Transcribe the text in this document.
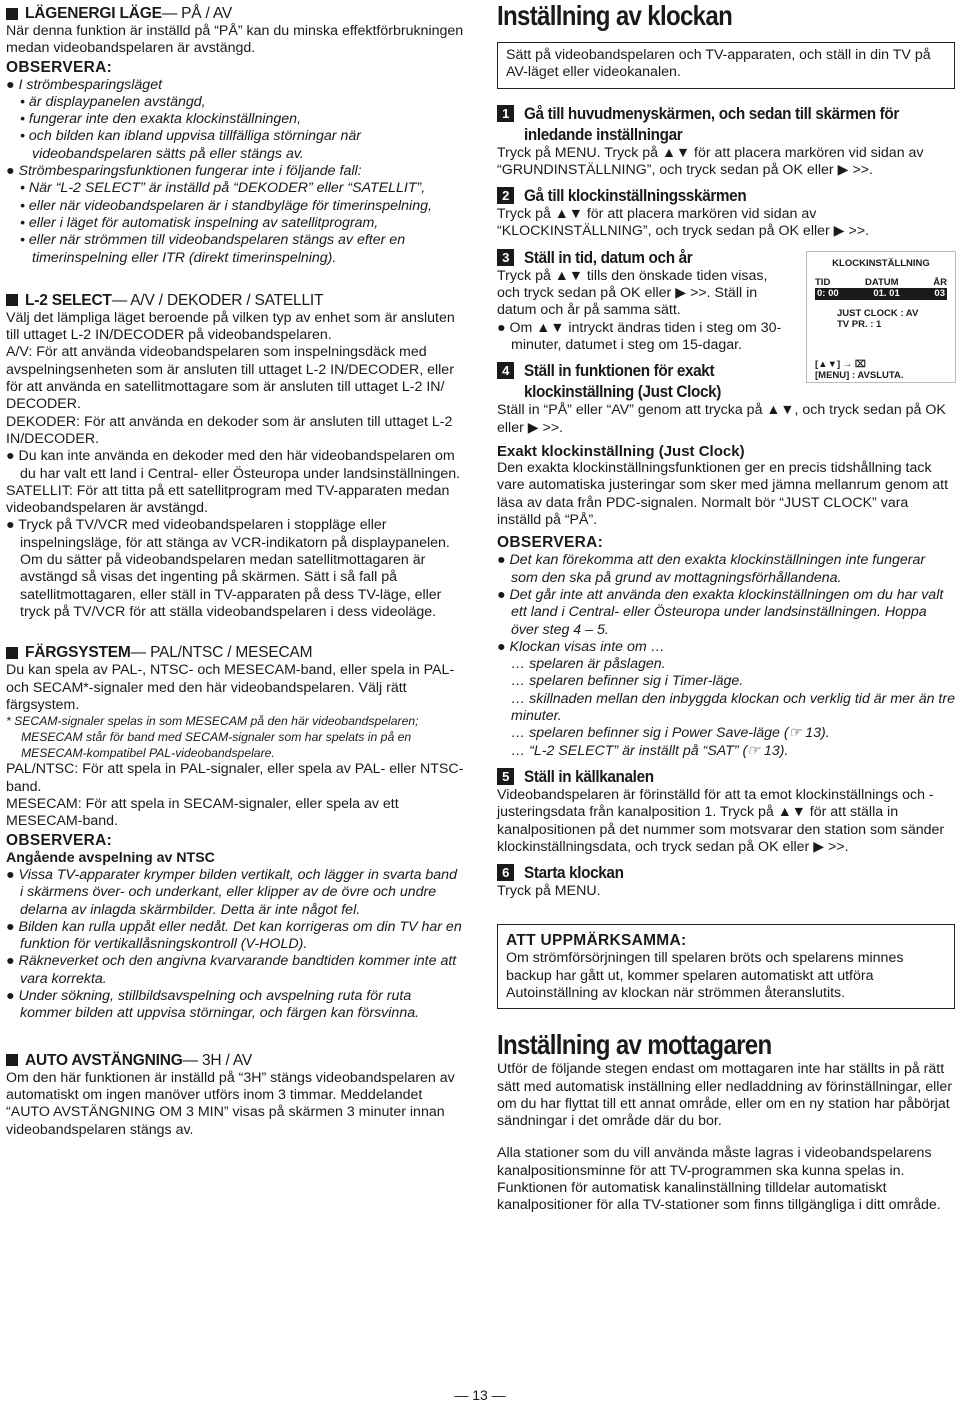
LÄGENERGI LÄGE — PÅ / AV

När denna funktion är inställd på “PÅ” kan du minska effektförbrukningen medan videobandspelaren är avstängd.

OBSERVERA:

● I strömbesparingsläget

• är displaypanelen avstängd,

• fungerar inte den exakta klockinställningen,

• och bilden kan ibland uppvisa tillfälliga störningar när videobandspelaren sätts på eller stängs av.

● Strömbesparingsfunktionen fungerar inte i följande fall:

• När “L-2 SELECT” är inställd på “DEKODER” eller “SATELLIT”,

• eller när videobandspelaren är i standbyläge för timerinspelning,

• eller i läget för automatisk inspelning av satellitprogram,

• eller när strömmen till videobandspelaren stängs av efter en timerinspelning eller ITR (direkt timerinspelning).

L-2 SELECT — A/V / DEKODER / SATELLIT

Välj det lämpliga läget beroende på vilken typ av enhet som är ansluten till uttaget L-2 IN/DECODER på videobandspelaren.

A/V: För att använda videobandspelaren som inspelningsdäck med avspelningsenheten som är ansluten till uttaget L-2 IN/DECODER, eller för att använda en satellitmottagare som är ansluten till uttaget L-2 IN/ DECODER.

DEKODER: För att använda en dekoder som är ansluten till uttaget L-2 IN/DECODER.

● Du kan inte använda en dekoder med den här videobandspelaren om du har valt ett land i Central- eller Östeuropa under landsinställningen.

SATELLIT: För att titta på ett satellitprogram med TV-apparaten medan videobandspelaren är avstängd.

● Tryck på TV/VCR med videobandspelaren i stoppläge eller inspelningsläge, för att stänga av VCR-indikatorn på displaypanelen. Om du sätter på videobandspelaren medan satellitmottagaren är avstängd så visas det ingenting på skärmen. Sätt i så fall på satellitmottagaren, eller ställ in TV-apparaten på dess TV-läge, eller tryck på TV/VCR för att ställa videobandspelaren i dess videoläge.

FÄRGSYSTEM — PAL/NTSC / MESECAM

Du kan spela av PAL-, NTSC- och MESECAM-band, eller spela in PAL- och SECAM*-signaler med den här videobandspelaren. Välj rätt färgsystem.

* SECAM-signaler spelas in som MESECAM på den här videobandspelaren; MESECAM står för band med SECAM-signaler som har spelats in på en MESECAM-kompatibel PAL-videobandspelare.

PAL/NTSC: För att spela in PAL-signaler, eller spela av PAL- eller NTSC-band.

MESECAM: För att spela in SECAM-signaler, eller spela av ett MESECAM-band.

OBSERVERA:

Angående avspelning av NTSC

● Vissa TV-apparater krymper bilden vertikalt, och lägger in svarta band i skärmens över- och underkant, eller klipper av de övre och undre delarna av inlagda skärmbilder. Detta är inte något fel.

● Bilden kan rulla uppåt eller nedåt. Det kan korrigeras om din TV har en funktion för vertikallåsningskontroll (V-HOLD).

● Räkneverket och den angivna kvarvarande bandtiden kommer inte att vara korrekta.

● Under sökning, stillbildsavspelning och avspelning ruta för ruta kommer bilden att uppvisa störningar, och färgen kan försvinna.

AUTO AVSTÄNGNING — 3H / AV

Om den här funktionen är inställd på “3H” stängs videobandspelaren av automatiskt om ingen manöver utförs inom 3 timmar. Meddelandet “AUTO AVSTÄNGNING OM 3 MIN” visas på skärmen 3 minuter innan videobandspelaren stängs av.

Inställning av klockan

Sätt på videobandspelaren och TV-apparaten, och ställ in din TV på AV-läget eller videokanalen.

1 Gå till huvudmenyskärmen, och sedan till skärmen för inledande inställningar

Tryck på MENU. Tryck på ▲▼ för att placera markören vid sidan av “GRUNDINSTÄLLNING”, och tryck sedan på OK eller ▶ >>.

2 Gå till klockinställningsskärmen

Tryck på ▲▼ för att placera markören vid sidan av “KLOCKINSTÄLLNING”, och tryck sedan på OK eller ▶ >>.

3 Ställ in tid, datum och år

Tryck på ▲▼ tills den önskade tiden visas, och tryck sedan på OK eller ▶ >>. Ställ in datum och år på samma sätt.

● Om ▲▼ intryckt ändras tiden i steg om 30-minuter, datumet i steg om 15-dagar.

4 Ställ in funktionen för exakt klockinställning (Just Clock)

Ställ in “PÅ” eller “AV” genom att trycka på ▲▼, och tryck sedan på OK eller ▶ >>.

Exakt klockinställning (Just Clock)

Den exakta klockinställningsfunktionen ger en precis tidshållning tack vare automatiska justeringar som sker med jämna mellanrum genom att läsa av data från PDC-signalen. Normalt bör “JUST CLOCK” vara inställd på “PÅ”.

OBSERVERA:

● Det kan förekomma att den exakta klockinställningen inte fungerar som den ska på grund av mottagningsförhållandena.

● Det går inte att använda den exakta klockinställningen om du har valt ett land i Central- eller Östeuropa under landsinställningen. Hoppa över steg 4 – 5.

● Klockan visas inte om …

… spelaren är påslagen.

… spelaren befinner sig i Timer-läge.

… skillnaden mellan den inbyggda klockan och verklig tid är mer än tre minuter.

… spelaren befinner sig i Power Save-läge (☞ 13).

… “L-2 SELECT” är inställt på “SAT” (☞ 13).

5 Ställ in källkanalen

Videobandspelaren är förinställd för att ta emot klockinställnings och -justeringsdata från kanalposition 1. Tryck på ▲▼ för att ställa in kanalpositionen på det nummer som motsvarar den station som sänder klockinställningsdata, och tryck sedan på OK eller ▶ >>.

6 Starta klockan

Tryck på MENU.

ATT UPPMÄRKSAMMA:

Om strömförsörjningen till spelaren bröts och spelarens minnes backup har gått ut, kommer spelaren automatiskt att utföra Autoinställning av klockan när strömmen återanslutits.

Inställning av mottagaren

Utför de följande stegen endast om mottagaren inte har ställts in på rätt sätt med automatisk inställning eller nedladdning av förinställningar, eller om du har flyttat till ett annat område, eller om en ny station har påbörjat sändningar i det område där du bor.

Alla stationer som du vill använda måste lagras i videobandspelarens kanalpositionsminne för att TV-programmen ska kunna spelas in. Funktionen för automatisk kanalinställning tilldelar automatiskt kanalpositioner för alla TV-stationer som finns tillgängliga i ditt område.

KLOCKINSTÄLLNING
TID	DATUM	ÅR
0: 00	01. 01	03
JUST CLOCK : AV
TV PR. : 1
[▲▼] → ⌧
[MENU] : AVSLUTA.
— 13 —
